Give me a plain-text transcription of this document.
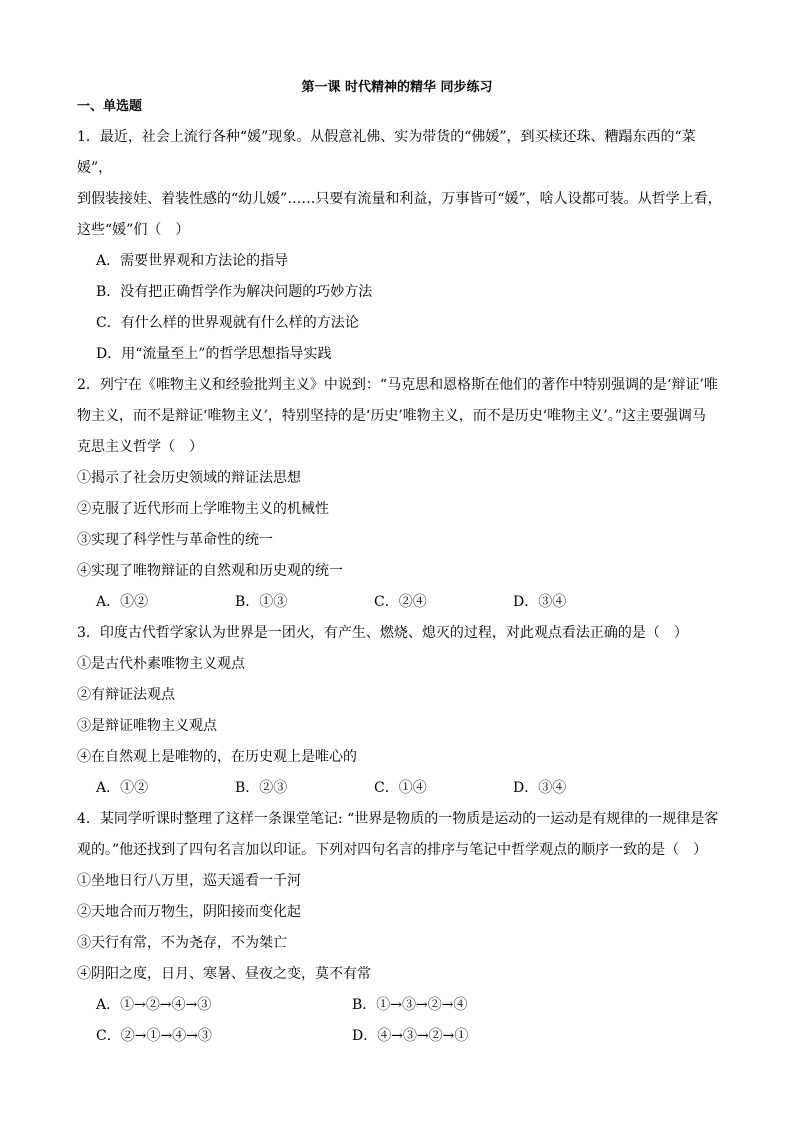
第一课 时代精神的精华 同步练习
一、单选题
1．最近，社会上流行各种“媛”现象。从假意礼佛、实为带货的“佛媛”，到买椟还珠、糟蹋东西的“菜媛”，
到假装接娃、着装性感的“幼儿媛”……只要有流量和利益，万事皆可“媛”，啥人设都可装。从哲学上看，
这些“媛”们（　）
A．需要世界观和方法论的指导
B．没有把正确哲学作为解决问题的巧妙方法
C．有什么样的世界观就有什么样的方法论
D．用“流量至上”的哲学思想指导实践
2．列宁在《唯物主义和经验批判主义》中说到：“马克思和恩格斯在他们的著作中特别强调的是‘辩证’唯
物主义，而不是辩证‘唯物主义’，特别坚持的是‘历史’唯物主义，而不是历史‘唯物主义’。”这主要强调马
克思主义哲学（　）
①揭示了社会历史领域的辩证法思想
②克服了近代形而上学唯物主义的机械性
③实现了科学性与革命性的统一
④实现了唯物辩证的自然观和历史观的统一
A．①②	B．①③	C．②④	D．③④
3．印度古代哲学家认为世界是一团火，有产生、燃烧、熄灭的过程，对此观点看法正确的是（　）
①是古代朴素唯物主义观点
②有辩证法观点
③是辩证唯物主义观点
④在自然观上是唯物的，在历史观上是唯心的
A．①②	B．②③	C．①④	D．③④
4．某同学听课时整理了这样一条课堂笔记: “世界是物质的一物质是运动的一运动是有规律的一规律是客
观的。”他还找到了四句名言加以印证。下列对四句名言的排序与笔记中哲学观点的顺序一致的是（　）
①坐地日行八万里，巡天遥看一千河
②天地合而万物生，阴阳接而变化起
③天行有常，不为尧存，不为桀亡
④阴阳之度，日月、寒暑、昼夜之变，莫不有常
A．①→②→④→③	B．①→③→②→④
C．②→①→④→③	D．④→③→②→①
